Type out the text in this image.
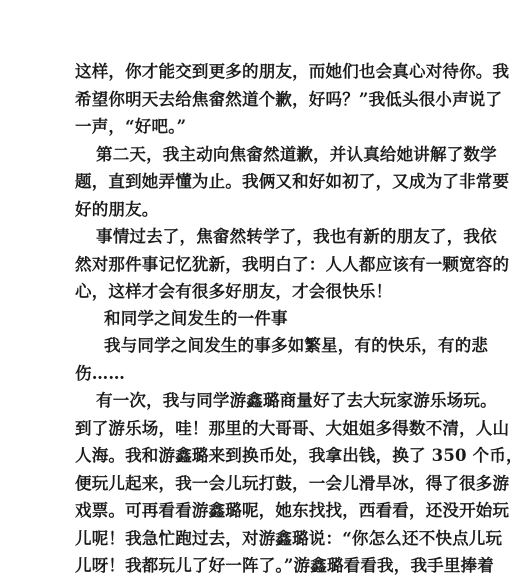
这样，你才能交到更多的朋友，而她们也会真心对待你。我
希望你明天去给焦畲然道个歉，好吗？”我低头很小声说了
一声，“好吧。”
第二天，我主动向焦畲然道歉，并认真给她讲解了数学
题，直到她弄懂为止。我俩又和好如初了，又成为了非常要
好的朋友。
事情过去了，焦畲然转学了，我也有新的朋友了，我依
然对那件事记忆犹新，我明白了：人人都应该有一颗宽容的
心，这样才会有很多好朋友，才会很快乐！
和同学之间发生的一件事
我与同学之间发生的事多如繁星，有的快乐，有的悲
伤……
有一次，我与同学游鑫璐商量好了去大玩家游乐场玩。
到了游乐场，哇！那里的大哥哥、大姐姐多得数不清，人山
人海。我和游鑫璐来到换币处，我拿出钱，换了 350 个币，
便玩儿起来，我一会儿玩打鼓，一会儿滑旱冰，得了很多游
戏票。可再看看游鑫璐呢，她东找找，西看看，还没开始玩
儿呢！我急忙跑过去，对游鑫璐说：“你怎么还不快点儿玩
儿呀！我都玩儿了好一阵了。”游鑫璐看看我，我手里捧着
